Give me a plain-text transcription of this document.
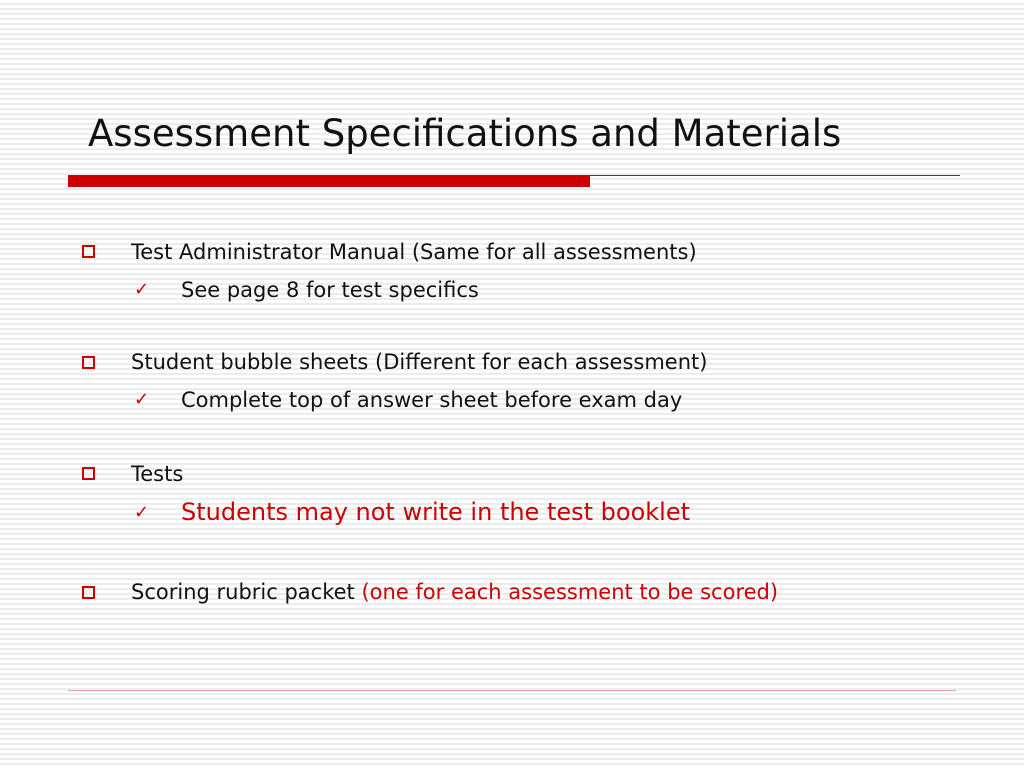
Assessment Specifications and Materials
Test Administrator Manual (Same for all assessments)
✓ See page 8 for test specifics
Student bubble sheets (Different for each assessment)
✓ Complete top of answer sheet before exam day
Tests
✓ Students may not write in the test booklet
Scoring rubric packet (one for each assessment to be scored)
